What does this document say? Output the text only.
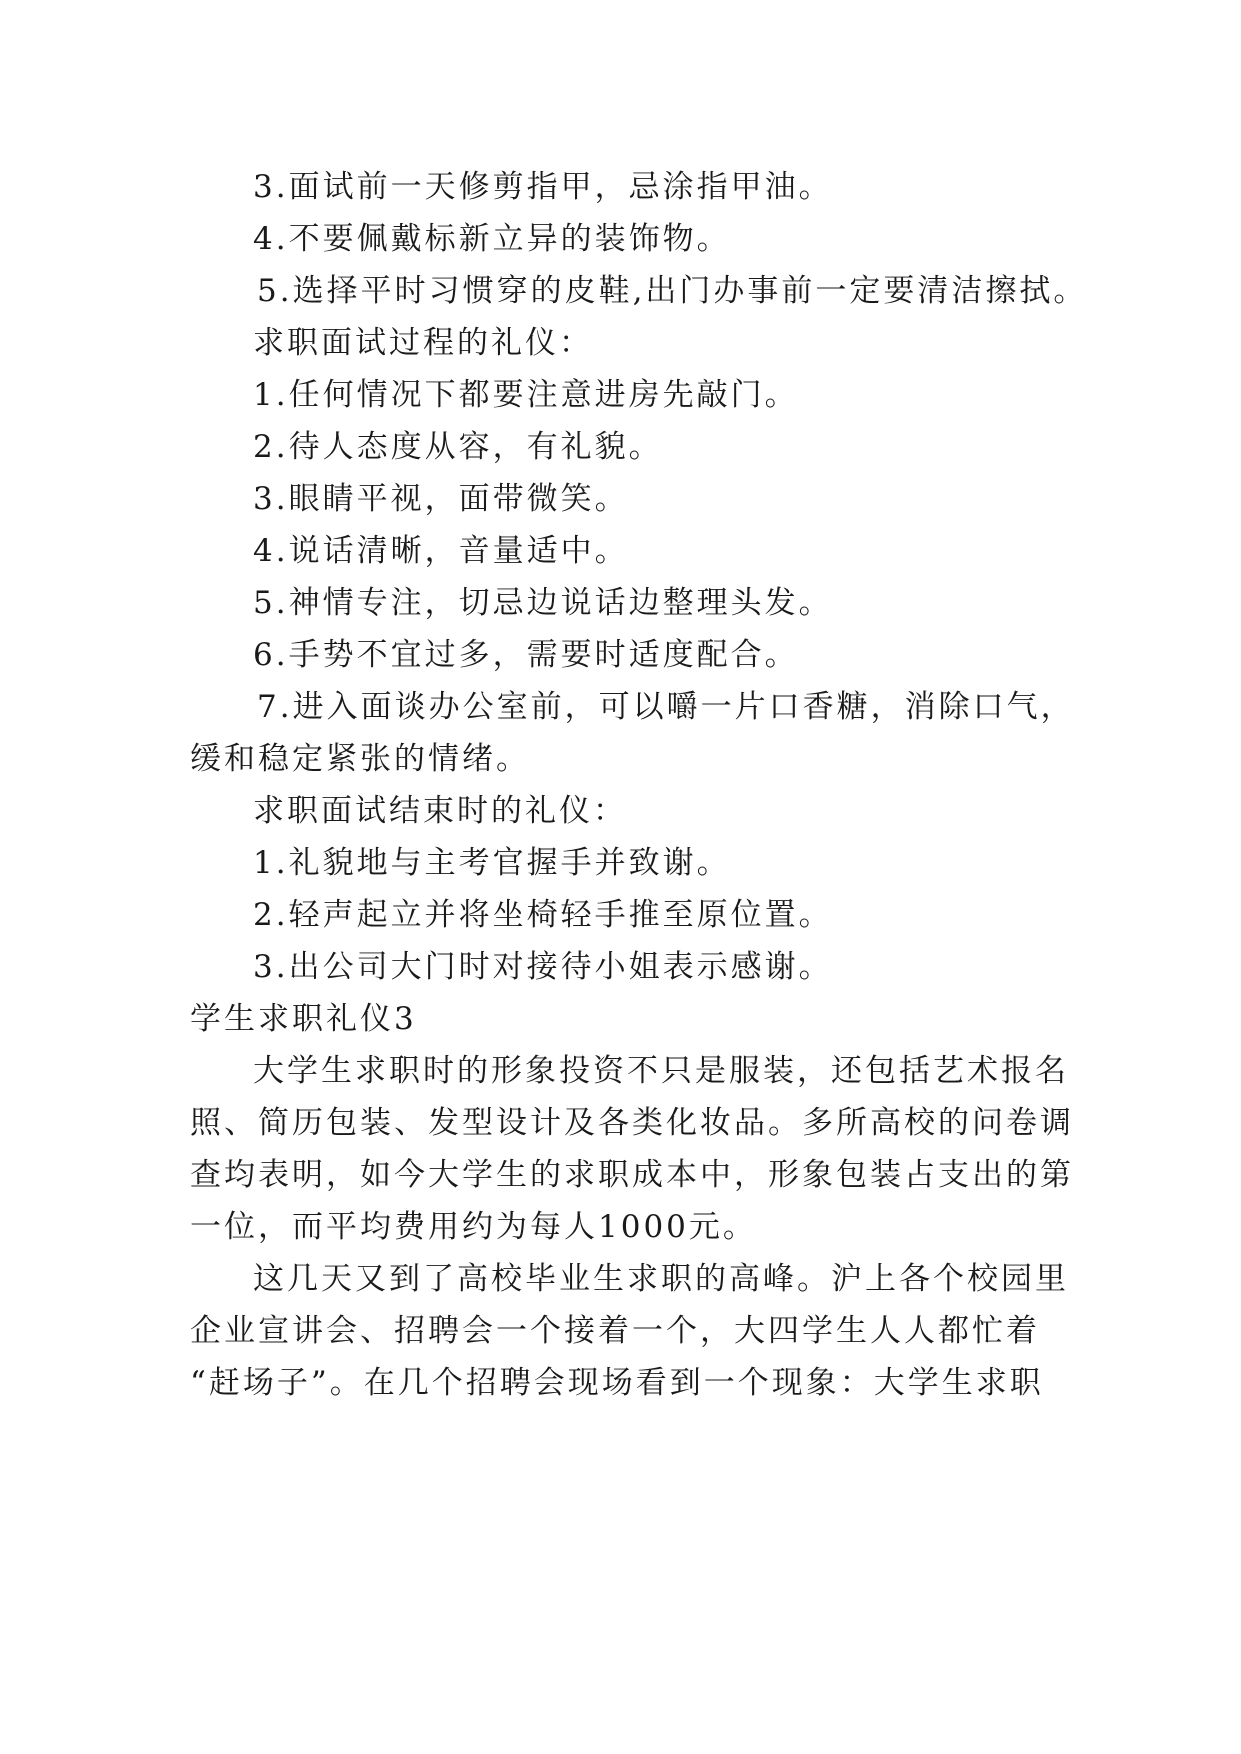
3.面试前一天修剪指甲，忌涂指甲油。
4.不要佩戴标新立异的装饰物。
5.选择平时习惯穿的皮鞋,出门办事前一定要清洁擦拭。
求职面试过程的礼仪：
1.任何情况下都要注意进房先敲门。
2.待人态度从容，有礼貌。
3.眼睛平视，面带微笑。
4.说话清晰，音量适中。
5.神情专注，切忌边说话边整理头发。
6.手势不宜过多，需要时适度配合。
7.进入面谈办公室前，可以嚼一片口香糖，消除口气，
缓和稳定紧张的情绪。
求职面试结束时的礼仪：
1.礼貌地与主考官握手并致谢。
2.轻声起立并将坐椅轻手推至原位置。
3.出公司大门时对接待小姐表示感谢。
学生求职礼仪3
大学生求职时的形象投资不只是服装，还包括艺术报名
照、简历包装、发型设计及各类化妆品。多所高校的问卷调
查均表明，如今大学生的求职成本中，形象包装占支出的第
一位，而平均费用约为每人1000元。
这几天又到了高校毕业生求职的高峰。沪上各个校园里
企业宣讲会、招聘会一个接着一个，大四学生人人都忙着
“赶场子”。在几个招聘会现场看到一个现象：大学生求职
